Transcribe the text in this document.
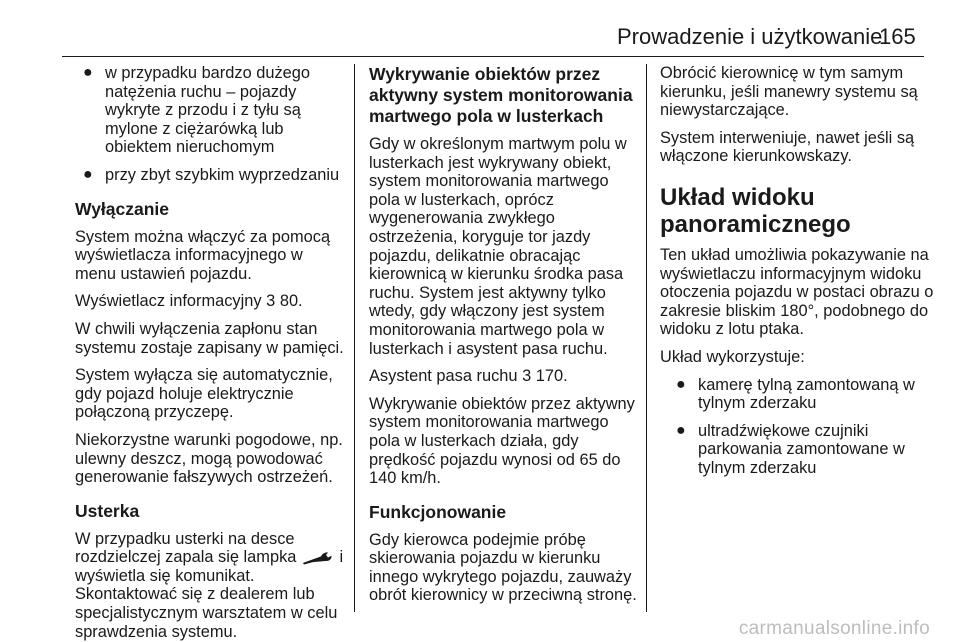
Prowadzenie i użytkowanie
165
● w przypadku bardzo dużego natężenia ruchu – pojazdy wykryte z przodu i z tyłu są mylone z ciężarówką lub obiektem nieruchomym
● przy zbyt szybkim wyprzedzaniu
Wyłączanie

System można włączyć za pomocą wyświetlacza informacyjnego w menu ustawień pojazdu.

Wyświetlacz informacyjny 3 80.

W chwili wyłączenia zapłonu stan systemu zostaje zapisany w pamięci.

System wyłącza się automatycznie, gdy pojazd holuje elektrycznie połączoną przyczepę.

Niekorzystne warunki pogodowe, np. ulewny deszcz, mogą powodować generowanie fałszywych ostrzeżeń.

Usterka

W przypadku usterki na desce rozdzielczej zapala się lampka	i wyświetla się komunikat.

Skontaktować się z dealerem lub specjalistycznym warsztatem w celu sprawdzenia systemu.

Wykrywanie obiektów przez aktywny system monitorowania martwego pola w lusterkach

Gdy w określonym martwym polu w lusterkach jest wykrywany obiekt, system monitorowania martwego pola w lusterkach, oprócz wygenerowania zwykłego ostrzeżenia, koryguje tor jazdy pojazdu, delikatnie obracając kierownicą w kierunku środka pasa ruchu. System jest aktywny tylko wtedy, gdy włączony jest system monitorowania martwego pola w lusterkach i asystent pasa ruchu.

Asystent pasa ruchu 3 170.

Wykrywanie obiektów przez aktywny system monitorowania martwego pola w lusterkach działa, gdy prędkość pojazdu wynosi od 65 do 140 km/h.

Funkcjonowanie

Gdy kierowca podejmie próbę skierowania pojazdu w kierunku innego wykrytego pojazdu, zauważy obrót kierownicy w przeciwną stronę.

Obrócić kierownicę w tym samym kierunku, jeśli manewry systemu są niewystarczające.

System interweniuje, nawet jeśli są włączone kierunkowskazy.

Układ widoku panoramicznego

Ten układ umożliwia pokazywanie na wyświetlaczu informacyjnym widoku otoczenia pojazdu w postaci obrazu o zakresie bliskim 180°, podobnego do widoku z lotu ptaka.

Układ wykorzystuje:

● kamerę tylną zamontowaną w tylnym zderzaku
● ultradźwiękowe czujniki parkowania zamontowane w tylnym zderzaku
carmanualsonline.info
